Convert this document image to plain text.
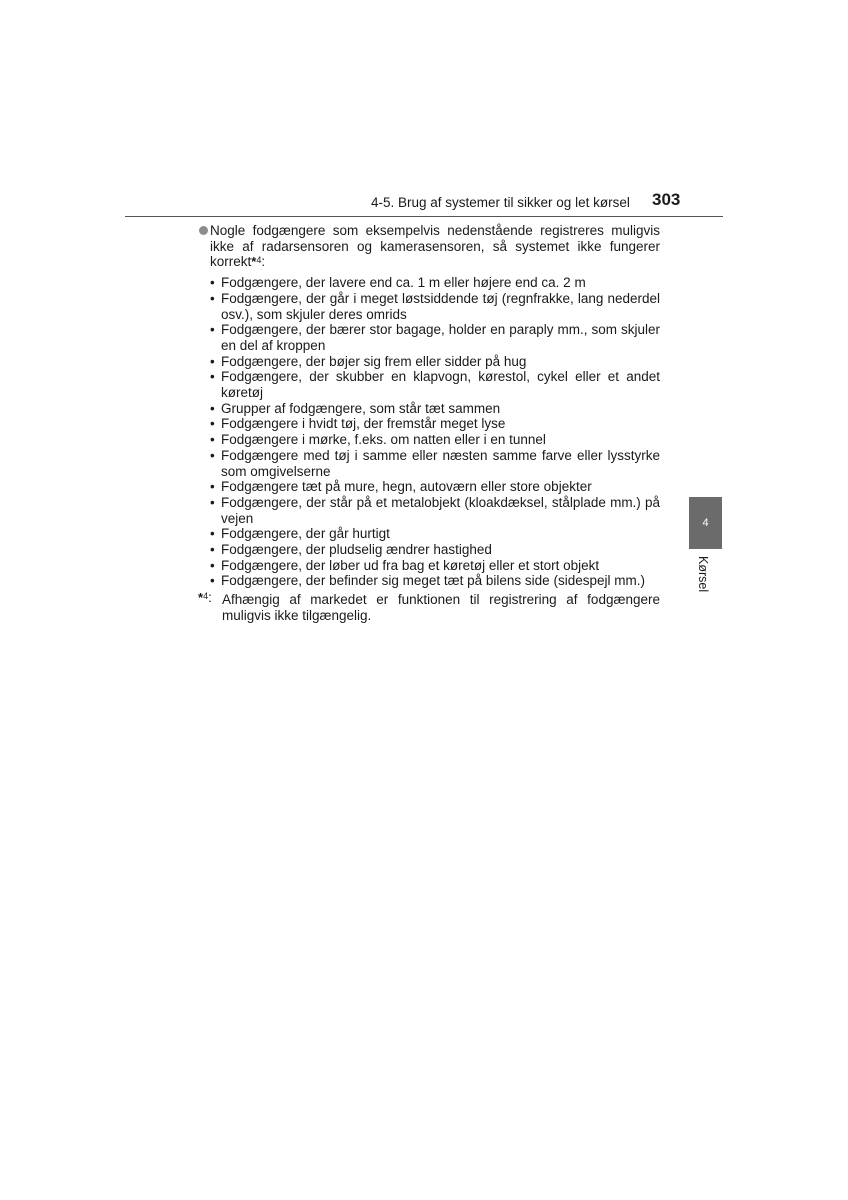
4-5. Brug af systemer til sikker og let kørsel 303
4
Kørsel
Nogle fodgængere som eksempelvis nedenstående registreres muligvis ikke af radarsensoren og kamerasensoren, så systemet ikke fungerer korrekt*$^4$:
• Fodgængere, der lavere end ca. 1 m eller højere end ca. 2 m
• Fodgængere, der går i meget løstsiddende tøj (regnfrakke, lang nederdel osv.), som skjuler deres omrids
• Fodgængere, der bærer stor bagage, holder en paraply mm., som skjuler en del af kroppen
• Fodgængere, der bøjer sig frem eller sidder på hug
• Fodgængere, der skubber en klapvogn, kørestol, cykel eller et andet køretøj
• Grupper af fodgængere, som står tæt sammen
• Fodgængere i hvidt tøj, der fremstår meget lyse
• Fodgængere i mørke, f.eks. om natten eller i en tunnel
• Fodgængere med tøj i samme eller næsten samme farve eller lysstyrke som omgivelserne
• Fodgængere tæt på mure, hegn, autoværn eller store objekter
• Fodgængere, der står på et metalobjekt (kloakdæksel, stålplade mm.) på vejen
• Fodgængere, der går hurtigt
• Fodgængere, der pludselig ændrer hastighed
• Fodgængere, der løber ud fra bag et køretøj eller et stort objekt
• Fodgængere, der befinder sig meget tæt på bilens side (sidespejl mm.)
*$^4$: Afhængig af markedet er funktionen til registrering af fodgængere muligvis ikke tilgængelig.
